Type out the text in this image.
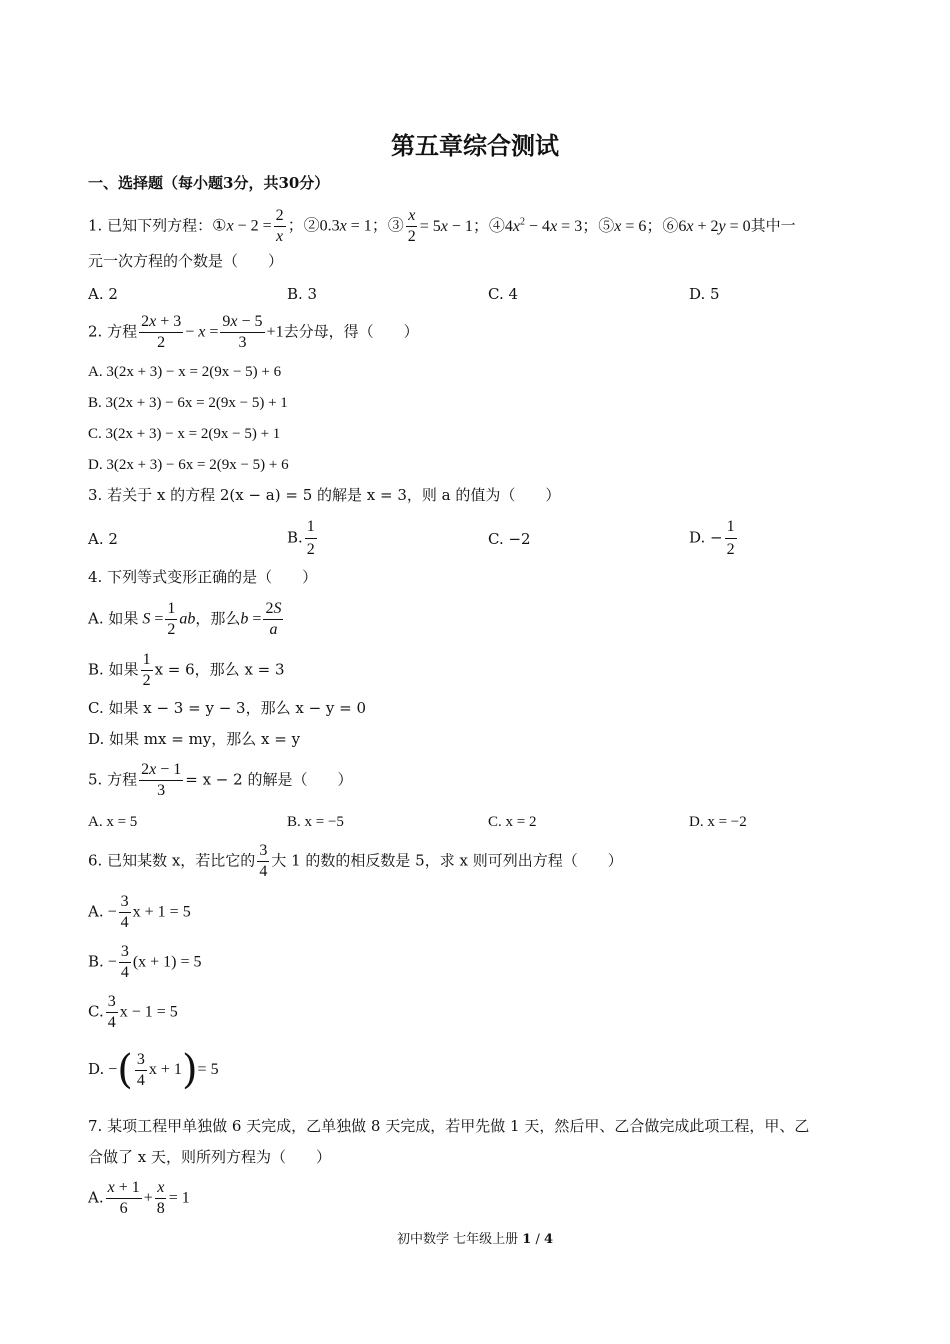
第五章综合测试
一、选择题（每小题3分，共30分）
1. 已知下列方程：①x − $2 = \frac{2}{x}$ ；②0.3x = 1；③ $\frac{x}{2} = 5x - 1$；$④4x^2 - 4x = 3$；⑤x = 6；⑥6x + 2y = 0其中一
元一次方程的个数是（　　）
A. 2	B. 3	C. 4	D. 5
2. 方程 $\frac{2x + 3}{2} - x = \frac{9x - 5}{3} +1$去分母，得（　　）
A. 3(2x + 3) − x = 2(9x − 5) + 6
B. 3(2x + 3) − 6x = 2(9x − 5) + 1
C. 3(2x + 3) − x = 2(9x − 5) + 1
D. 3(2x + 3) − 6x = 2(9x − 5) + 6
3. 若关于 x 的方程 2(x − a) = 5 的解是 x = 3，则 a 的值为（　　）
A. 2	B. $\frac{1}{2}$	C. −2	D. − $\frac{1}{2}$
4. 下列等式变形正确的是（　　）
A. 如果 $S = \frac{1}{2}$ ab，那么$b = \frac{2S}{a}$
B. 如果 $\frac{1}{2}$ x = 6，那么 x = 3
C. 如果 x − 3 = y − 3，那么 x − y = 0
D. 如果 mx = my，那么 x = y
5. 方程 $\frac{2x - 1}{3} = x - 2$ 的解是（　　）
A. x = 5	B. x = −5	C. x = 2	D. x = −2
6. 已知某数 x，若比它的 $\frac{3}{4}$ 大 1 的数的相反数是 5，求 x 则可列出方程（　　）
A. − $\frac{3}{4}$ x + 1 = 5
B. − $\frac{3}{4} (x + 1) = 5$
C. $\frac{3}{4}$ x − 1 = 5
D. −( $\frac{3}{4}$ x + 1)= 5
7. 某项工程甲单独做 6 天完成，乙单独做 8 天完成，若甲先做 1 天，然后甲、乙合做完成此项工程，甲、乙
合做了 x 天，则所列方程为（　　）
A. $\frac{x + 1}{6} + \frac{x}{8} = 1$
初中数学 七年级上册 1 / 4
